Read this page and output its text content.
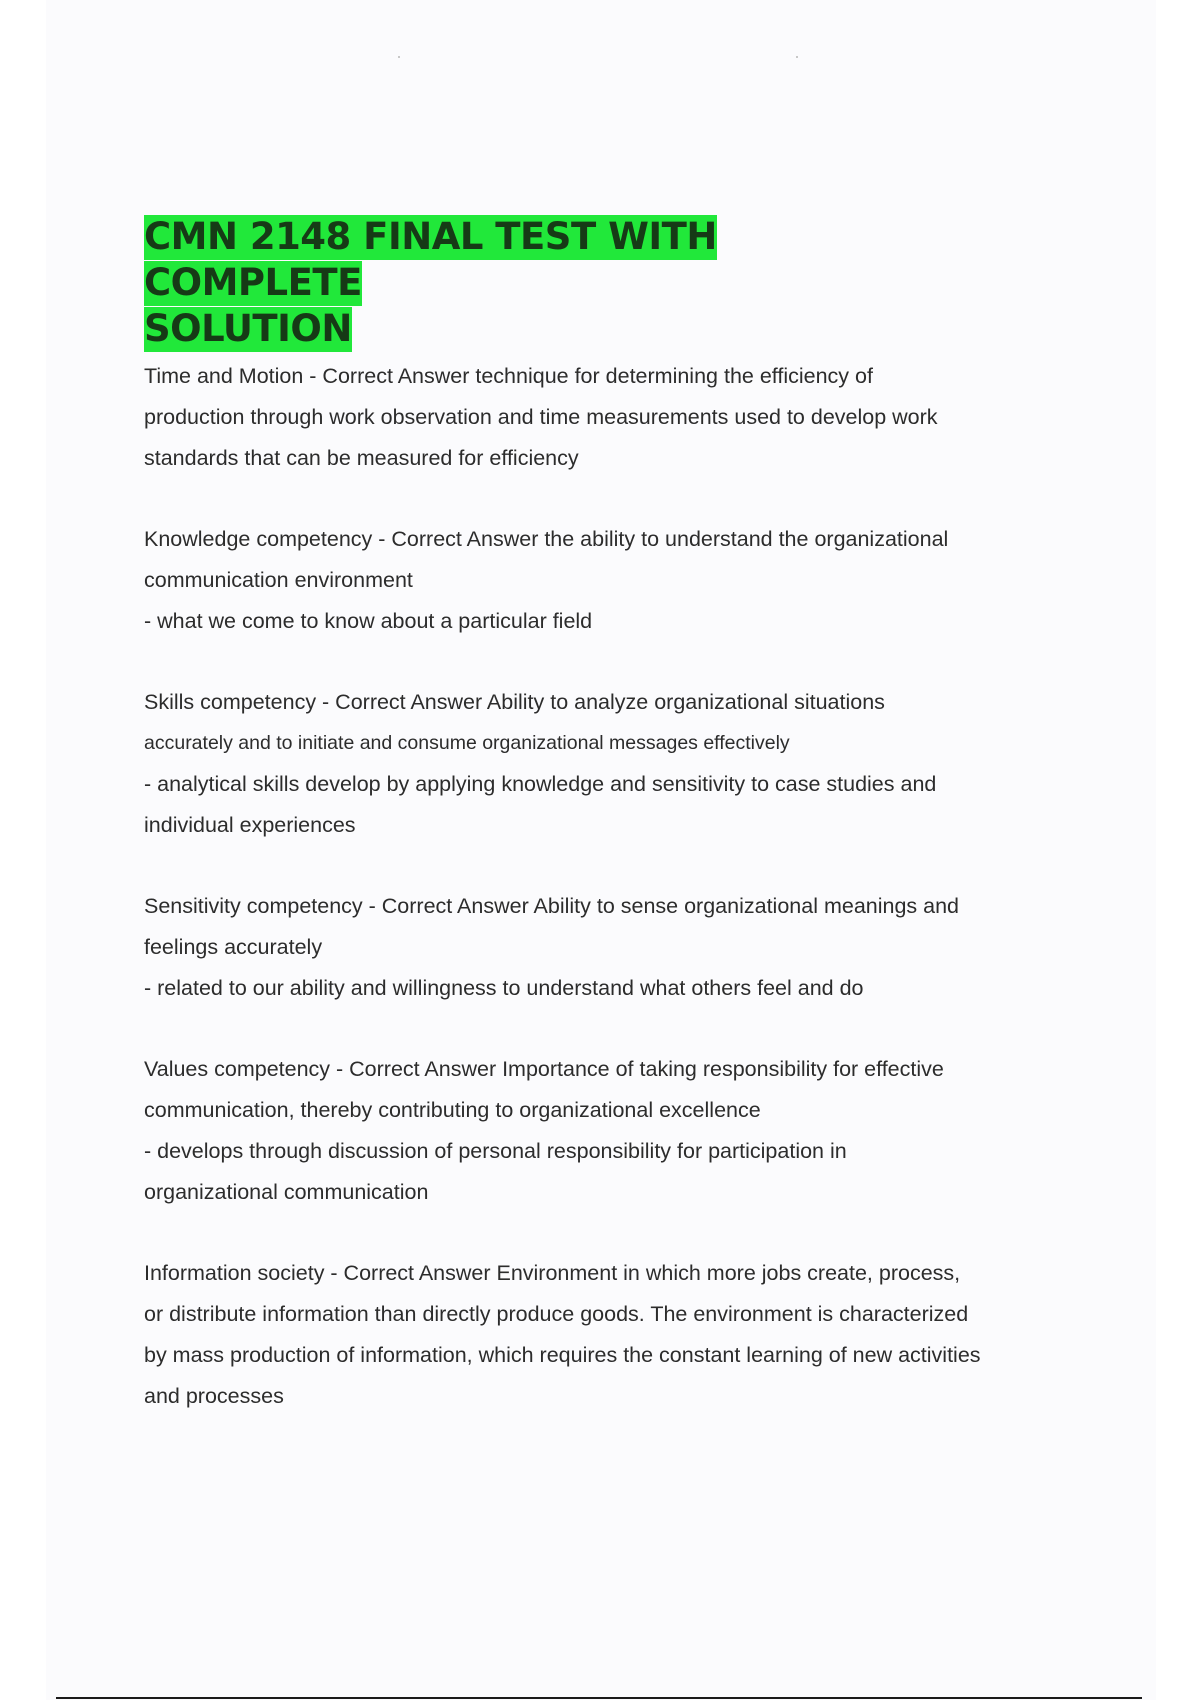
CMN 2148 FINAL TEST WITH COMPLETE
SOLUTION
Time and Motion - Correct Answer technique for determining the efficiency of
production through work observation and time measurements used to develop work
standards that can be measured for efficiency
Knowledge competency - Correct Answer the ability to understand the organizational
communication environment
- what we come to know about a particular field
Skills competency - Correct Answer Ability to analyze organizational situations
accurately and to initiate and consume organizational messages effectively
- analytical skills develop by applying knowledge and sensitivity to case studies and
individual experiences
Sensitivity competency - Correct Answer Ability to sense organizational meanings and
feelings accurately
- related to our ability and willingness to understand what others feel and do
Values competency - Correct Answer Importance of taking responsibility for effective
communication, thereby contributing to organizational excellence
- develops through discussion of personal responsibility for participation in
organizational communication
Information society - Correct Answer Environment in which more jobs create, process,
or distribute information than directly produce goods. The environment is characterized
by mass production of information, which requires the constant learning of new activities
and processes
